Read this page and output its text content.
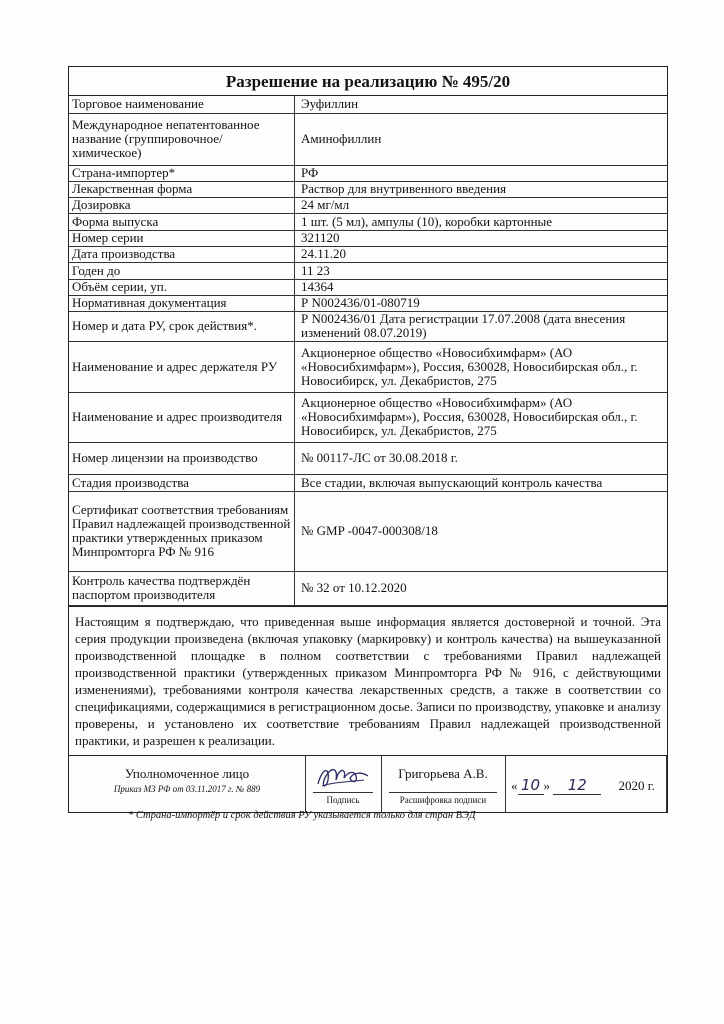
Разрешение на реализацию № 495/20
Торговое наименование	Эуфиллин
Международное непатентованное название (группировочное/химическое)	Аминофиллин
Страна-импортер*	РФ
Лекарственная форма	Раствор для внутривенного введения
Дозировка	24 мг/мл
Форма выпуска	1 шт. (5 мл), ампулы (10), коробки картонные
Номер серии	321120
Дата производства	24.11.20
Годен до	11 23
Объём серии, уп.	14364
Нормативная документация	Р N002436/01-080719
Номер и дата РУ, срок действия*.	Р N002436/01 Дата регистрации 17.07.2008 (дата внесения изменений 08.07.2019)
Наименование и адрес держателя РУ	Акционерное общество «Новосибхимфарм» (АО «Новосибхимфарм»), Россия, 630028, Новосибирская обл., г. Новосибирск, ул. Декабристов, 275
Наименование и адрес производителя	Акционерное общество «Новосибхимфарм» (АО «Новосибхимфарм»), Россия, 630028, Новосибирская обл., г. Новосибирск, ул. Декабристов, 275
Номер лицензии на производство	№ 00117-ЛС от 30.08.2018 г.
Стадия производства	Все стадии, включая выпускающий контроль качества
Сертификат соответствия требованиям Правил надлежащей производственной практики утвержденных приказом Минпромторга РФ № 916	№ GMP -0047-000308/18
Контроль качества подтверждён паспортом производителя	№ 32 от 10.12.2020
Настоящим я подтверждаю, что приведенная выше информация является достоверной и точной. Эта серия продукции произведена (включая упаковку (маркировку) и контроль качества) на вышеуказанной производственной площадке в полном соответствии с требованиями Правил надлежащей производственной практики (утвержденных приказом Минпромторга РФ № 916, с действующими изменениями), требованиями контроля качества лекарственных средств, а также в соответствии со спецификациями, содержащимися в регистрационном досье. Записи по производству, упаковке и анализу проверены, и установлено их соответствие требованиям Правил надлежащей производственной практики, и разрешен к реализации.
Уполномоченное лицо
Приказ МЗ РФ от 03.11.2017 г. № 889
Подпись
Григорьева А.В.
Расшифровка подписи
« 10 » 12 2020 г.
* Страна-импортёр и срок действия РУ указывается только для стран ВЭД
